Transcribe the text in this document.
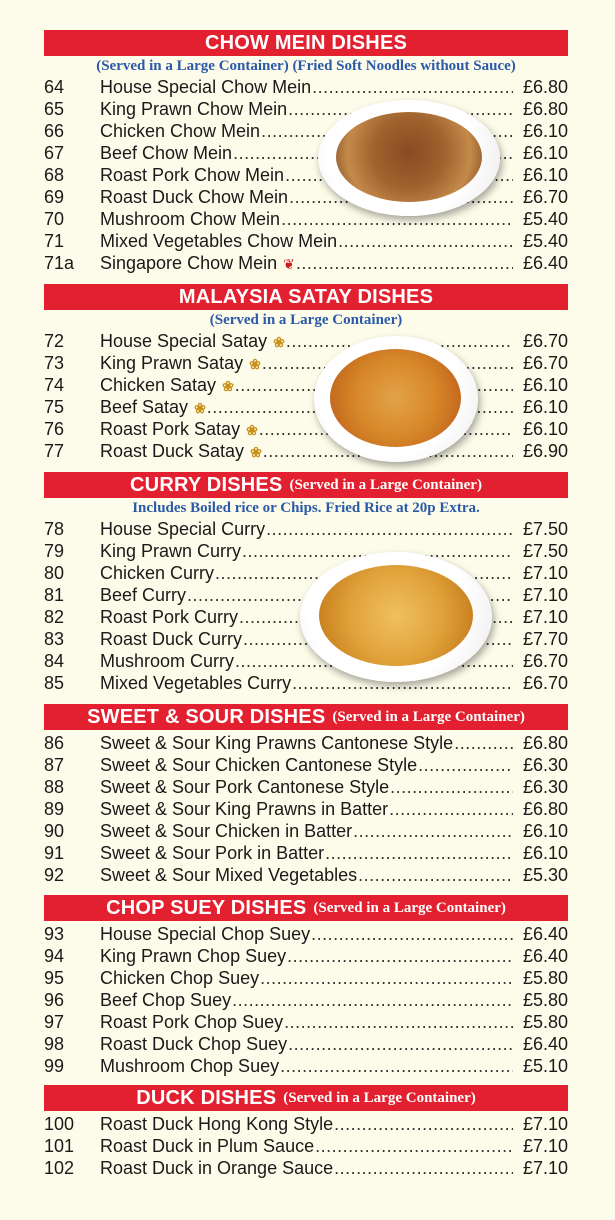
CHOW MEIN DISHES
(Served in a Large Container) (Fried Soft Noodles without Sauce)
64	House Special Chow Mein .....	£6.80
65	King Prawn Chow Mein .....	£6.80
66	Chicken Chow Mein .....	£6.10
67	Beef Chow Mein .....	£6.10
68	Roast Pork Chow Mein .....	£6.10
69	Roast Duck Chow Mein .....	£6.70
70	Mushroom Chow Mein .....	£5.40
71	Mixed Vegetables Chow Mein .....	£5.40
71a	Singapore Chow Mein ❦ .....	£6.40
MALAYSIA SATAY DISHES
(Served in a Large Container)
72	House Special Satay ❀ .....	£6.70
73	King Prawn Satay ❀ .....	£6.70
74	Chicken Satay ❀ .....	£6.10
75	Beef Satay ❀ .....	£6.10
76	Roast Pork Satay ❀ .....	£6.10
77	Roast Duck Satay ❀ .....	£6.90
CURRY DISHES (Served in a Large Container)
Includes Boiled rice or Chips. Fried Rice at 20p Extra.
78	House Special Curry .....	£7.50
79	King Prawn Curry .....	£7.50
80	Chicken Curry .....	£7.10
81	Beef Curry .....	£7.10
82	Roast Pork Curry .....	£7.10
83	Roast Duck Curry .....	£7.70
84	Mushroom Curry .....	£6.70
85	Mixed Vegetables Curry .....	£6.70
SWEET & SOUR DISHES (Served in a Large Container)
86	Sweet & Sour King Prawns Cantonese Style .....	£6.80
87	Sweet & Sour Chicken Cantonese Style .....	£6.30
88	Sweet & Sour Pork Cantonese Style .....	£6.30
89	Sweet & Sour King Prawns in Batter .....	£6.80
90	Sweet & Sour Chicken in Batter .....	£6.10
91	Sweet & Sour Pork in Batter .....	£6.10
92	Sweet & Sour Mixed Vegetables .....	£5.30
CHOP SUEY DISHES (Served in a Large Container)
93	House Special Chop Suey .....	£6.40
94	King Prawn Chop Suey .....	£6.40
95	Chicken Chop Suey .....	£5.80
96	Beef Chop Suey .....	£5.80
97	Roast Pork Chop Suey .....	£5.80
98	Roast Duck Chop Suey .....	£6.40
99	Mushroom Chop Suey .....	£5.10
DUCK DISHES (Served in a Large Container)
100	Roast Duck Hong Kong Style .....	£7.10
101	Roast Duck in Plum Sauce .....	£7.10
102	Roast Duck in Orange Sauce .....	£7.10
